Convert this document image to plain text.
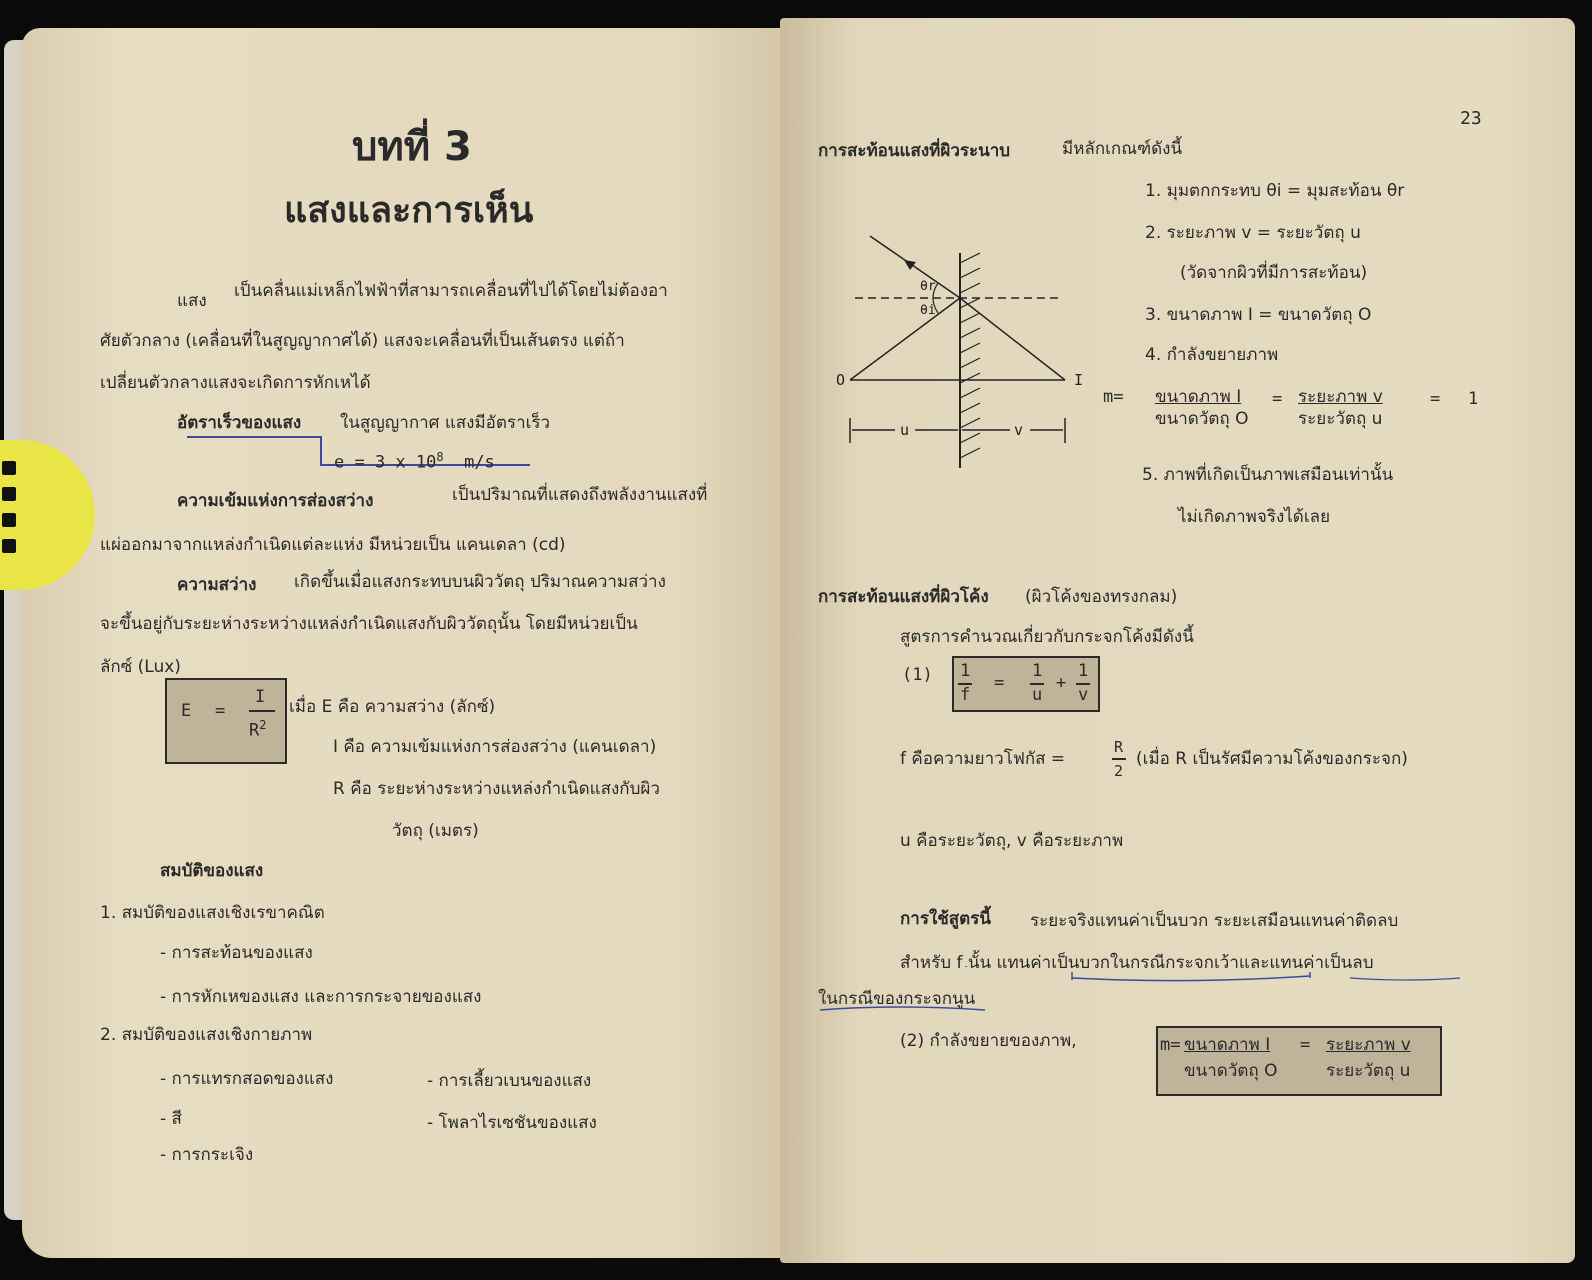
บทที่ 3
แสงและการเห็น
แสง เป็นคลื่นแม่เหล็กไฟฟ้าที่สามารถเคลื่อนที่ไปได้โดยไม่ต้องอา
ศัยตัวกลาง (เคลื่อนที่ในสูญญากาศได้) แสงจะเคลื่อนที่เป็นเส้นตรง แต่ถ้า
เปลี่ยนตัวกลางแสงจะเกิดการหักเหได้
อัตราเร็วของแสง ในสูญญากาศ แสงมีอัตราเร็ว
e = 3 x $10^8$ m/s
ความเข้มแห่งการส่องสว่าง	เป็นปริมาณที่แสดงถึงพลังงานแสงที่
แผ่ออกมาจากแหล่งกำเนิดแต่ละแห่ง มีหน่วยเป็น แคนเดลา (cd)
ความสว่าง เกิดขึ้นเมื่อแสงกระทบบนผิววัตถุ ปริมาณความสว่าง
จะขึ้นอยู่กับระยะห่างระหว่างแหล่งกำเนิดแสงกับผิววัตถุนั้น โดยมีหน่วยเป็น
ลักซ์ (Lux)
E =
I
$R^2$
เมื่อ E คือ ความสว่าง (ลักซ์)
I คือ ความเข้มแห่งการส่องสว่าง (แคนเดลา)
R คือ ระยะห่างระหว่างแหล่งกำเนิดแสงกับผิว
วัตถุ (เมตร)
สมบัติของแสง
1. สมบัติของแสงเชิงเรขาคณิต
- การสะท้อนของแสง
- การหักเหของแสง และการกระจายของแสง
2. สมบัติของแสงเชิงกายภาพ
- การแทรกสอดของแสง	- การเลี้ยวเบนของแสง
- สี	- โพลาไรเซชันของแสง
- การกระเจิง
23
การสะท้อนแสงที่ผิวระนาบ	มีหลักเกณฑ์ดังนี้
O	I
θr
θi
u	v
1. มุมตกกระทบ θi = มุมสะท้อน θr
2. ระยะภาพ v = ระยะวัตถุ u
(วัดจากผิวที่มีการสะท้อน)
3. ขนาดภาพ I = ขนาดวัตถุ O
4. กำลังขยายภาพ
m= ขนาดภาพ I
ขนาดวัตถุ O
= ระยะภาพ v
ระยะวัตถุ u
= 1
5. ภาพที่เกิดเป็นภาพเสมือนเท่านั้น
ไม่เกิดภาพจริงได้เลย
การสะท้อนแสงที่ผิวโค้ง (ผิวโค้งของทรงกลม)
สูตรการคำนวณเกี่ยวกับกระจกโค้งมีดังนี้
(1) 1
f
=
1
u
+
1
v
f คือความยาวโฟกัส =
R
2
(เมื่อ R เป็นรัศมีความโค้งของกระจก)
u คือระยะวัตถุ, v คือระยะภาพ
การใช้สูตรนี้ ระยะจริงแทนค่าเป็นบวก ระยะเสมือนแทนค่าติดลบ
สำหรับ f นั้น แทนค่าเป็นบวกในกรณีกระจกเว้าและแทนค่าเป็นลบ
ในกรณีของกระจกนูน
(2) กำลังขยายของภาพ,	m= ขนาดภาพ I
ขนาดวัตถุ O
= ระยะภาพ v
ระยะวัตถุ u
